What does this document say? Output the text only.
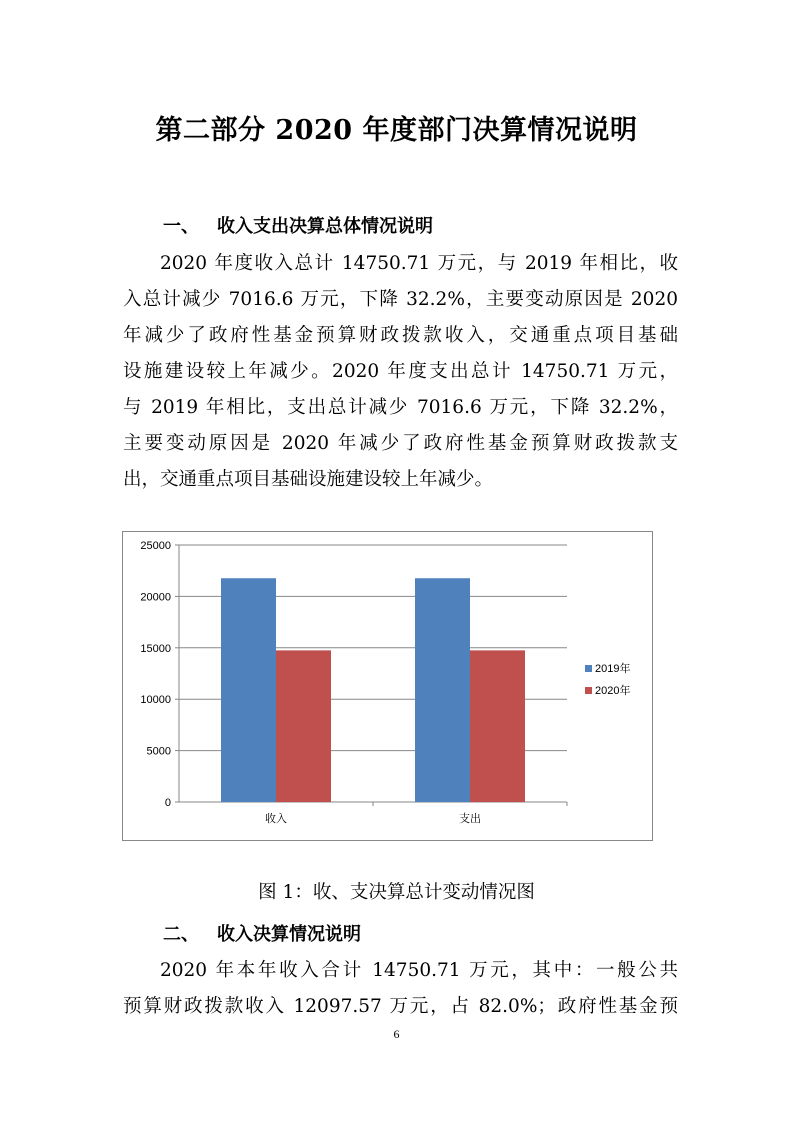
第二部分 2020 年度部门决算情况说明
一、 收入支出决算总体情况说明
2020 年度收入总计 14750.71 万元，与 2019 年相比，收
入总计减少 7016.6 万元，下降 32.2%，主要变动原因是 2020
年减少了政府性基金预算财政拨款收入，交通重点项目基础
设施建设较上年减少。2020 年度支出总计 14750.71 万元，
与 2019 年相比，支出总计减少 7016.6 万元，下降 32.2%，
主要变动原因是 2020 年减少了政府性基金预算财政拨款支
出，交通重点项目基础设施建设较上年减少。
0
5000
10000
15000
20000
25000
收入	支出
2019年
2020年
图 1：收、支决算总计变动情况图
二、 收入决算情况说明
2020 年本年收入合计 14750.71 万元，其中：一般公共
预算财政拨款收入 12097.57 万元，占 82.0%；政府性基金预
6
